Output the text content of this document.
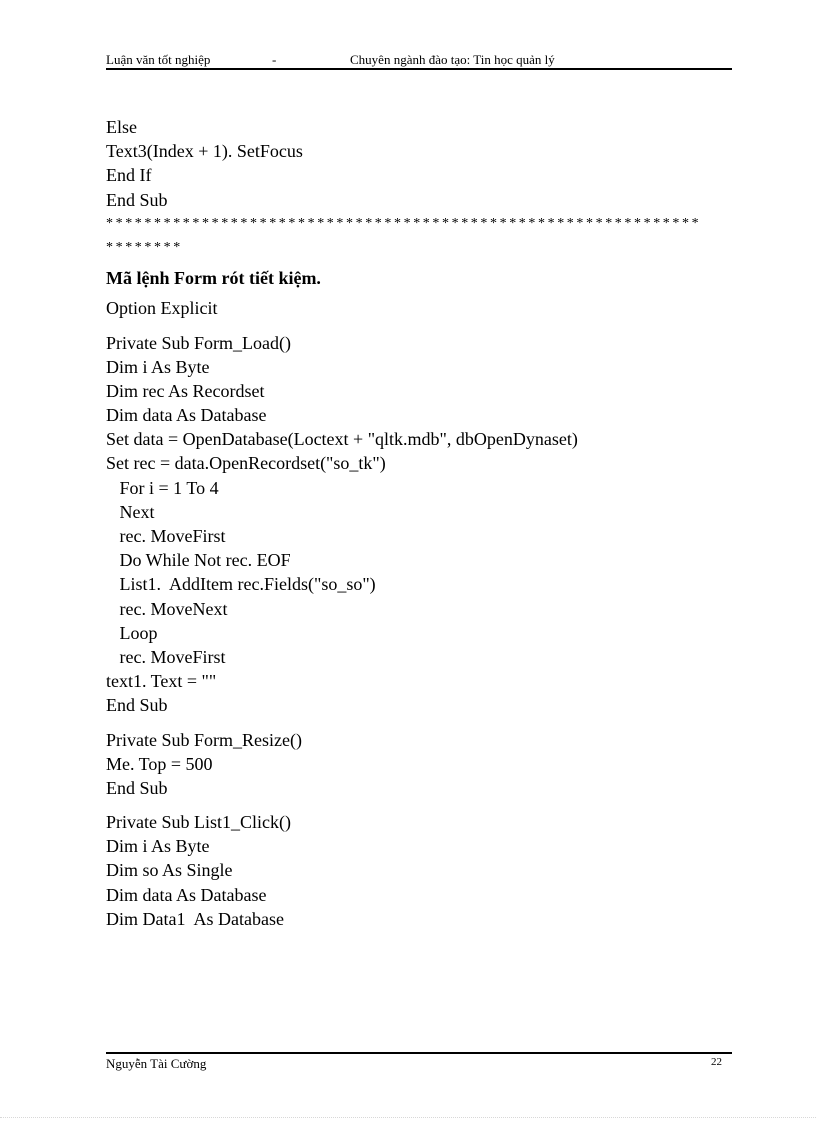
Luận văn tốt nghiệp	-	Chuyên ngành đào tạo: Tin học quản lý
Else
Text3(Index + 1). SetFocus
End If
End Sub
**************************************************************
********
Mã lệnh Form rót tiết kiệm.
Option Explicit
Private Sub Form_Load()
Dim i As Byte
Dim rec As Recordset
Dim data As Database
Set data = OpenDatabase(Loctext + "qltk.mdb", dbOpenDynaset)
Set rec = data.OpenRecordset("so_tk")
For i = 1 To 4
Next
rec. MoveFirst
Do While Not rec. EOF
List1.  AddItem rec.Fields("so_so")
rec. MoveNext
Loop
rec. MoveFirst
text1. Text = ""
End Sub
Private Sub Form_Resize()
Me. Top = 500
End Sub
Private Sub List1_Click()
Dim i As Byte
Dim so As Single
Dim data As Database
Dim Data1  As Database
Nguyễn Tài Cường	22
